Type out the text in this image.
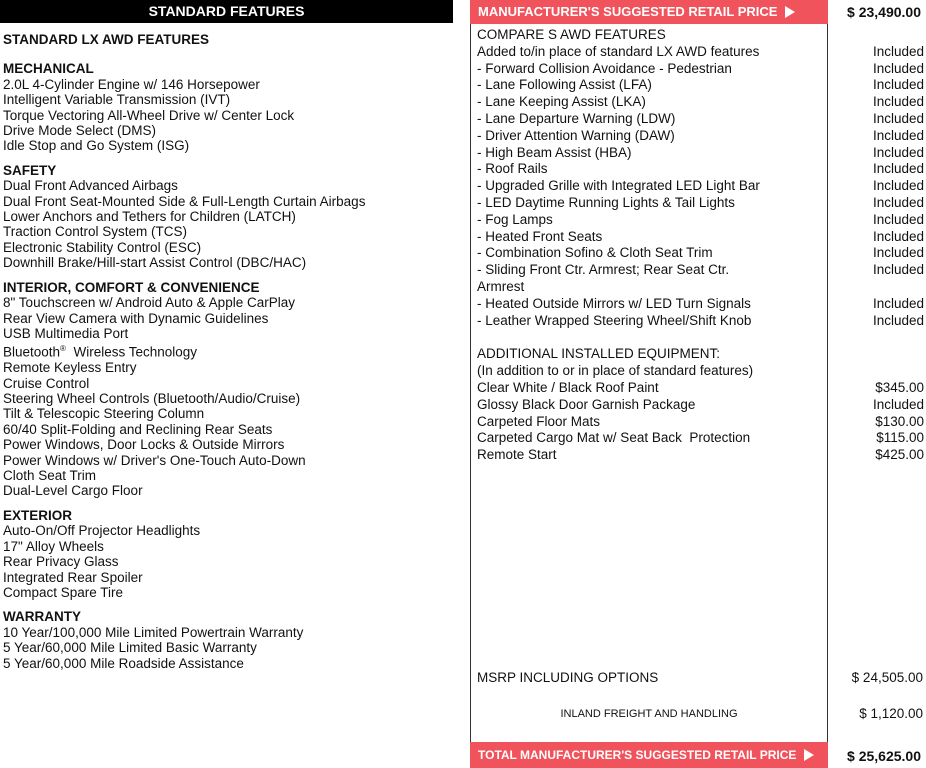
STANDARD FEATURES	MANUFACTURER'S SUGGESTED RETAIL PRICE	$ 23,490.00
STANDARD LX AWD FEATURES
MECHANICAL
2.0L 4-Cylinder Engine w/ 146 Horsepower
Intelligent Variable Transmission (IVT)
Torque Vectoring All-Wheel Drive w/ Center Lock
Drive Mode Select (DMS)
Idle Stop and Go System (ISG)
SAFETY
Dual Front Advanced Airbags
Dual Front Seat-Mounted Side & Full-Length Curtain Airbags
Lower Anchors and Tethers for Children (LATCH)
Traction Control System (TCS)
Electronic Stability Control (ESC)
Downhill Brake/Hill-start Assist Control (DBC/HAC)
INTERIOR, COMFORT & CONVENIENCE
8" Touchscreen w/ Android Auto & Apple CarPlay
Rear View Camera with Dynamic Guidelines
USB Multimedia Port
Bluetooth®  Wireless Technology
Remote Keyless Entry
Cruise Control
Steering Wheel Controls (Bluetooth/Audio/Cruise)
Tilt & Telescopic Steering Column
60/40 Split-Folding and Reclining Rear Seats
Power Windows, Door Locks & Outside Mirrors
Power Windows w/ Driver's One-Touch Auto-Down
Cloth Seat Trim
Dual-Level Cargo Floor
EXTERIOR
Auto-On/Off Projector Headlights
17" Alloy Wheels
Rear Privacy Glass
Integrated Rear Spoiler
Compact Spare Tire
WARRANTY
10 Year/100,000 Mile Limited Powertrain Warranty
5 Year/60,000 Mile Limited Basic Warranty
5 Year/60,000 Mile Roadside Assistance
COMPARE S AWD FEATURES
Added to/in place of standard LX AWD features	Included
- Forward Collision Avoidance - Pedestrian	Included
- Lane Following Assist (LFA)	Included
- Lane Keeping Assist (LKA)	Included
- Lane Departure Warning (LDW)	Included
- Driver Attention Warning (DAW)	Included
- High Beam Assist (HBA)	Included
- Roof Rails	Included
- Upgraded Grille with Integrated LED Light Bar	Included
- LED Daytime Running Lights & Tail Lights	Included
- Fog Lamps	Included
- Heated Front Seats	Included
- Combination Sofino & Cloth Seat Trim	Included
- Sliding Front Ctr. Armrest; Rear Seat Ctr. Armrest
Included
- Heated Outside Mirrors w/ LED Turn Signals	Included
- Leather Wrapped Steering Wheel/Shift Knob	Included
ADDITIONAL INSTALLED EQUIPMENT:
(In addition to or in place of standard features)
Clear White / Black Roof Paint	$345.00
Glossy Black Door Garnish Package	Included
Carpeted Floor Mats	$130.00
Carpeted Cargo Mat w/ Seat Back  Protection	$115.00
Remote Start	$425.00
MSRP INCLUDING OPTIONS	$ 24,505.00
INLAND FREIGHT AND HANDLING	$ 1,120.00
TOTAL MANUFACTURER'S SUGGESTED RETAIL PRICE	$ 25,625.00
